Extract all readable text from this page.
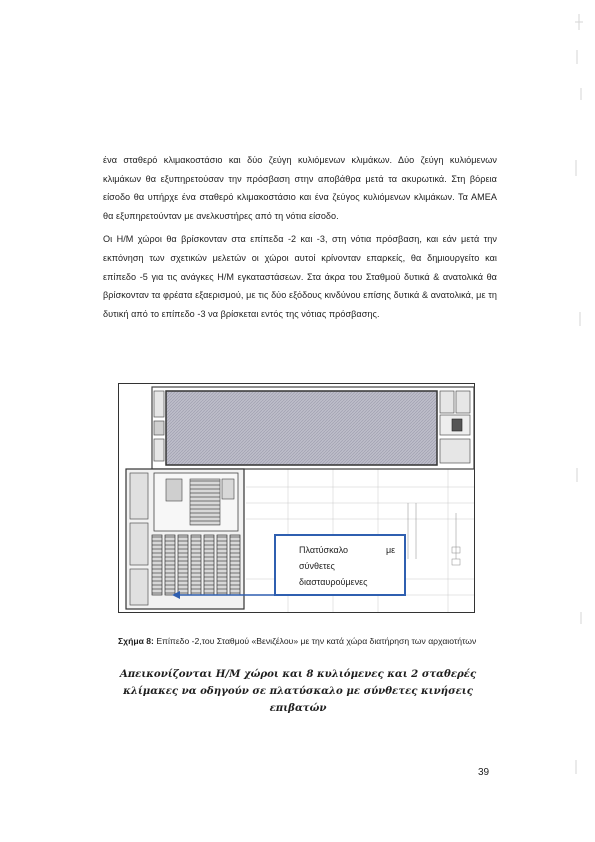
ένα σταθερό κλιμακοστάσιο και δύο ζεύγη κυλιόμενων κλιμάκων. Δύο ζεύγη κυλιόμενων κλιμάκων θα εξυπηρετούσαν την πρόσβαση στην αποβάθρα μετά τα ακυρωτικά. Στη βόρεια είσοδο θα υπήρχε ένα σταθερό κλιμακοστάσιο και ένα ζεύγος κυλιόμενων κλιμάκων. Τα ΑΜΕΑ θα εξυπηρετούνταν με ανελκυστήρες από τη νότια είσοδο.

Οι Η/Μ χώροι θα βρίσκονταν στα επίπεδα -2 και -3, στη νότια πρόσβαση, και εάν μετά την εκπόνηση των σχετικών μελετών οι χώροι αυτοί κρίνονταν επαρκείς, θα δημιουργείτο και επίπεδο -5 για τις ανάγκες Η/Μ εγκαταστάσεων. Στα άκρα του Σταθμού δυτικά & ανατολικά θα βρίσκονταν τα φρέατα εξαερισμού, με τις δύο εξόδους κινδύνου επίσης δυτικά & ανατολικά, με τη δυτική από το επίπεδο -3 να βρίσκεται εντός της νότιας πρόσβασης.

Πλατύσκαλο	με
σύνθετες
διασταυρούμενες
Σχήμα 8: Επίπεδο -2,του Σταθμού «Βενιζέλου» με την κατά χώρα διατήρηση των αρχαιοτήτων
Απεικονίζονται Η/Μ χώροι και 8 κυλιόμενες και 2 σταθερές κλίμακες να οδηγούν σε πλατύσκαλο με σύνθετες κινήσεις επιβατών
39
